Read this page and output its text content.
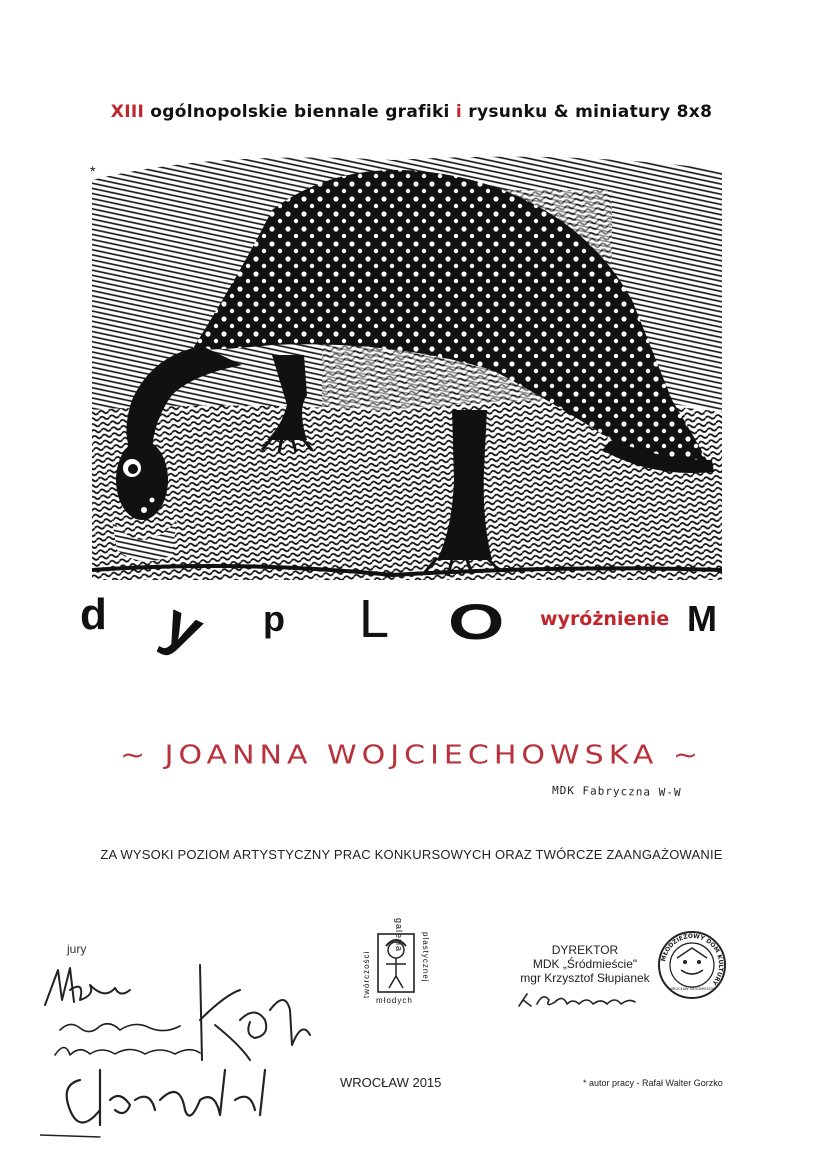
XIII ogólnopolskie biennale grafiki i rysunku & miniatury 8x8
*
d y p L O wyróżnienie M
~ JOANNA WOJCIECHOWSKA ~
MDK Fabryczna W-W
ZA WYSOKI POZIOM ARTYSTYCZNY PRAC KONKURSOWYCH ORAZ TWÓRCZE ZAANGAŻOWANIE
jury	galeria
twórczości	plastycznej
młodych
DYREKTOR
MDK „Śródmieście"
mgr Krzysztof Słupianek
MŁODZIEŻOWY DOM KULTURY
WROCŁAW-ŚRÓDMIEŚCIE
WROCŁAW 2015	* autor pracy - Rafał Walter Gorzko
